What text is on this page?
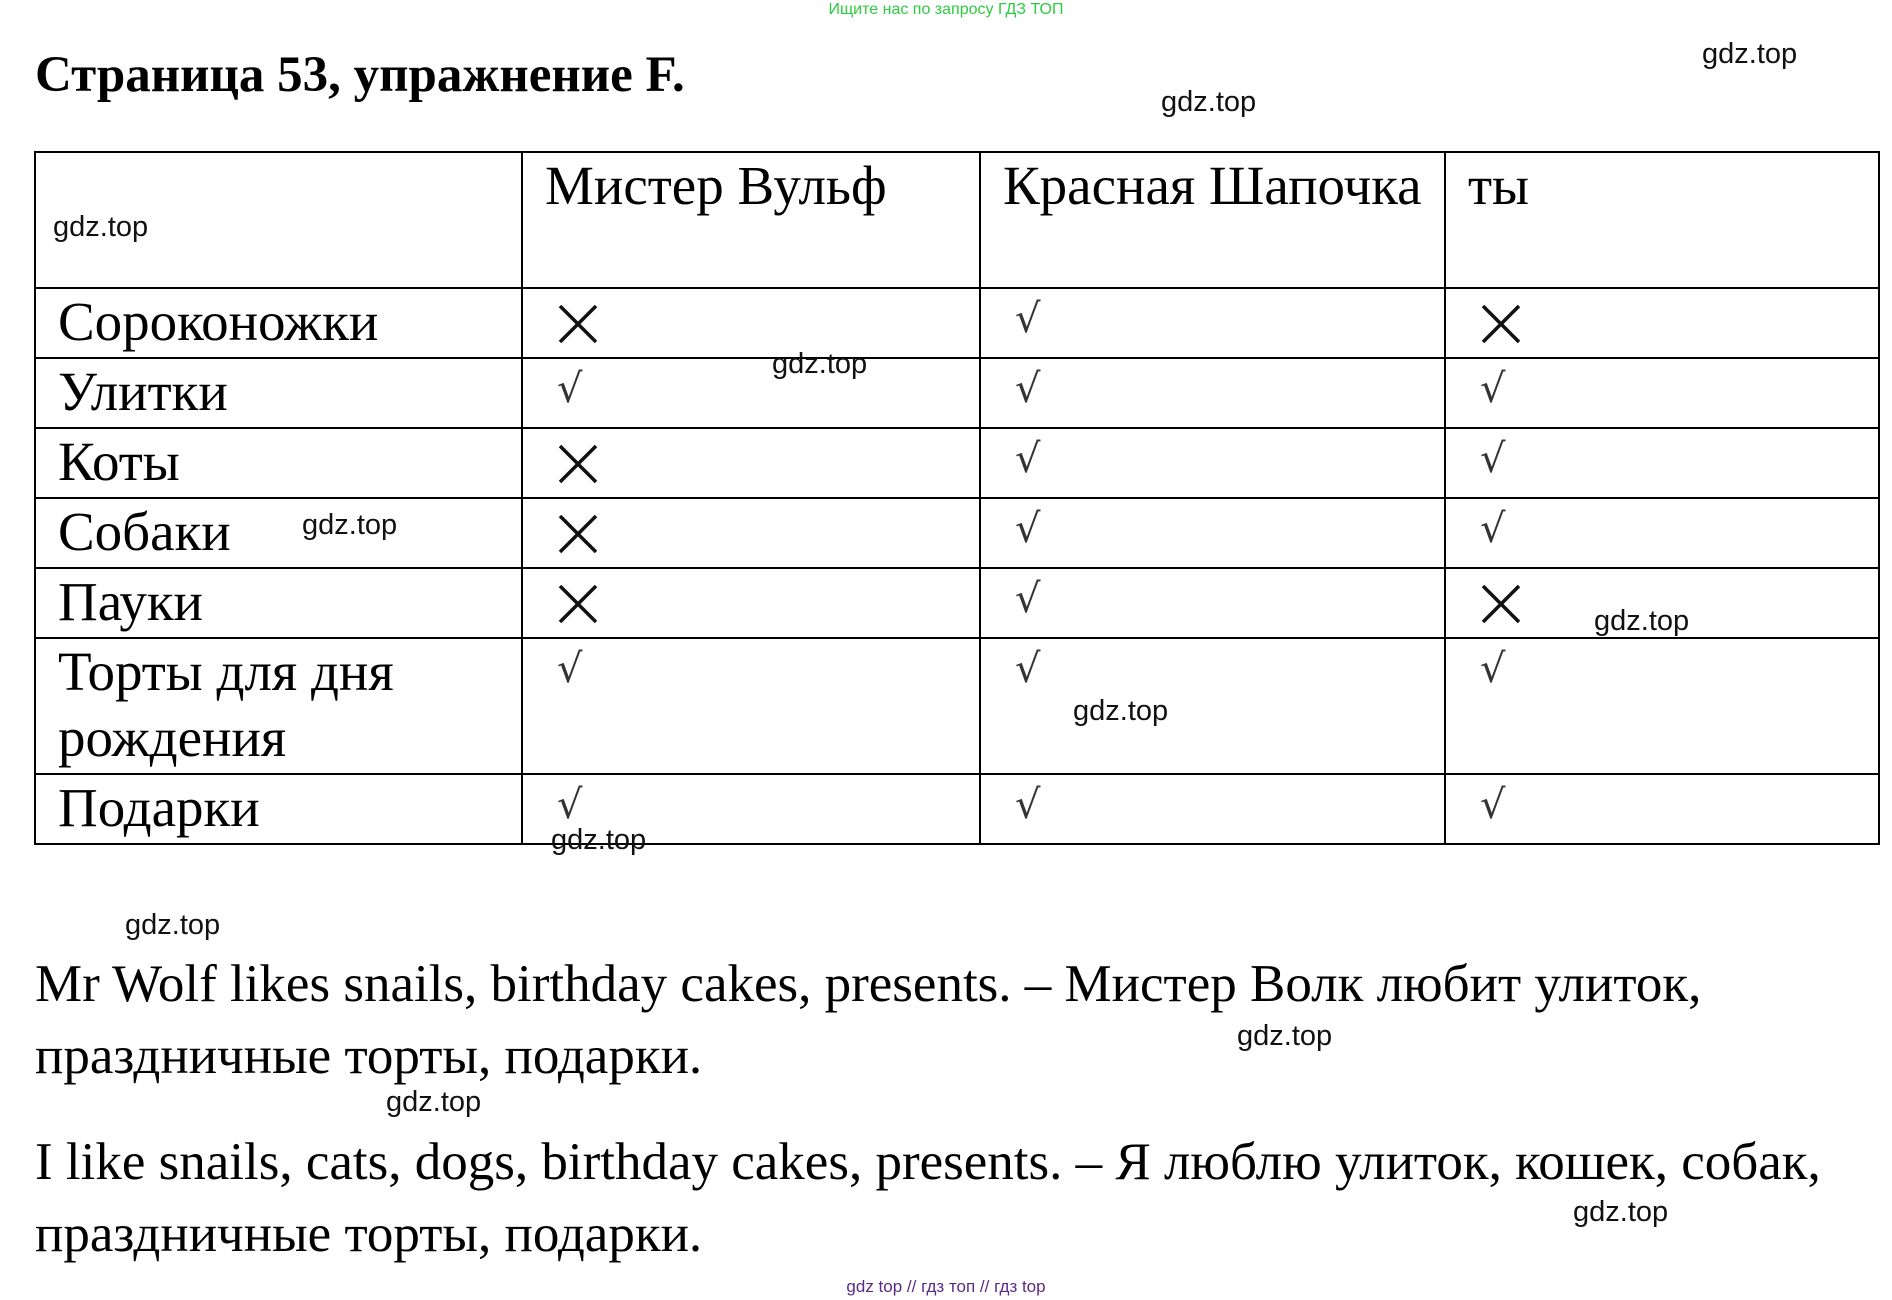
Ищите нас по запросу ГДЗ ТОП
Страница 53, упражнение F.

	Мистер Вульф	Красная Шапочка	ты

Сороконожки		√

Улитки	√	√	√

Коты		√	√

Собаки		√	√

Пауки		√

Торты для дня рождения	√	√	√

Подарки	√	√	√

Mr Wolf likes snails, birthday cakes, presents. – Мистер Волк любит улиток, праздничные торты, подарки.

I like snails, cats, dogs, birthday cakes, presents. – Я люблю улиток, кошек, собак, праздничные торты, подарки.

gdz.top
gdz.top
gdz.top
gdz.top
gdz.top
gdz.top
gdz.top
gdz.top
gdz.top
gdz.top
gdz.top
gdz.top
gdz top // гдз топ // гдз top
